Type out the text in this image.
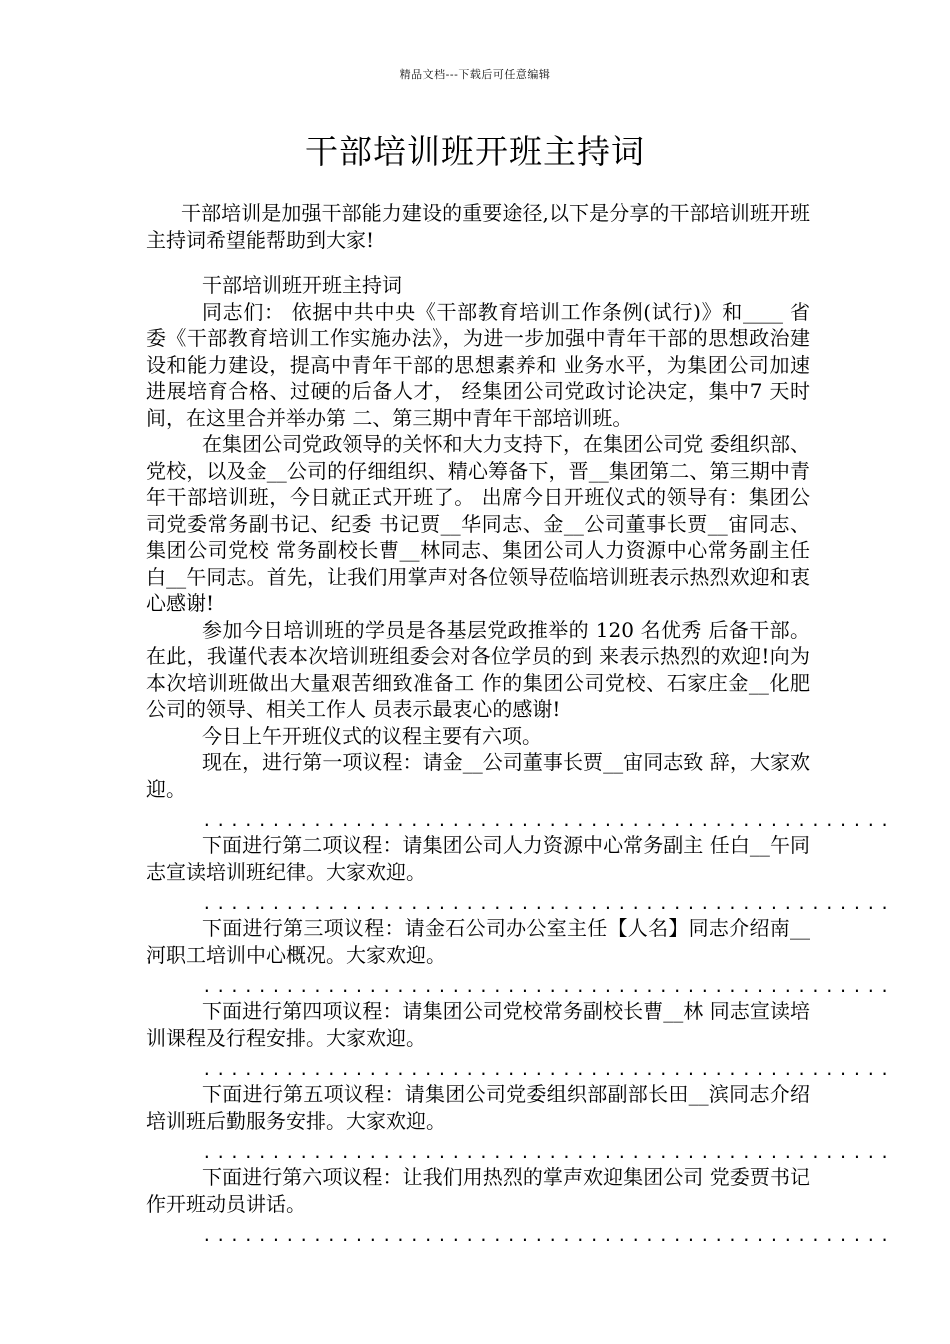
精品文档---下载后可任意编辑
干部培训班开班主持词

干部培训是加强干部能力建设的重要途径,以下是分享的干部培训班开班主持词希望能帮助到大家!

干部培训班开班主持词

同志们： 依据中共中央《干部教育培训工作条例(试行)》和____ 省委《干部教育培训工作实施办法》，为进一步加强中青年干部的思想政治建设和能力建设，提高中青年干部的思想素养和 业务水平，为集团公司加速进展培育合格、过硬的后备人才， 经集团公司党政讨论决定，集中7 天时间，在这里合并举办第 二、第三期中青年干部培训班。

在集团公司党政领导的关怀和大力支持下，在集团公司党 委组织部、党校，以及金__公司的仔细组织、精心筹备下，晋__集团第二、第三期中青年干部培训班，今日就正式开班了。 出席今日开班仪式的领导有：集团公司党委常务副书记、纪委 书记贾__华同志、金__公司董事长贾__宙同志、集团公司党校 常务副校长曹__林同志、集团公司人力资源中心常务副主任白__午同志。首先，让我们用掌声对各位领导莅临培训班表示热烈欢迎和衷心感谢!

参加今日培训班的学员是各基层党政推举的 120 名优秀 后备干部。在此，我谨代表本次培训班组委会对各位学员的到 来表示热烈的欢迎!向为本次培训班做出大量艰苦细致准备工 作的集团公司党校、石家庄金__化肥公司的领导、相关工作人 员表示最衷心的感谢!

今日上午开班仪式的议程主要有六项。

现在，进行第一项议程：请金__公司董事长贾__宙同志致 辞，大家欢迎。

..................................................

下面进行第二项议程：请集团公司人力资源中心常务副主 任白__午同志宣读培训班纪律。大家欢迎。

..................................................

下面进行第三项议程：请金石公司办公室主任【人名】同志介绍南__河职工培训中心概况。大家欢迎。

..................................................

下面进行第四项议程：请集团公司党校常务副校长曹__林 同志宣读培训课程及行程安排。大家欢迎。

..................................................

下面进行第五项议程：请集团公司党委组织部副部长田__滨同志介绍培训班后勤服务安排。大家欢迎。

..................................................

下面进行第六项议程：让我们用热烈的掌声欢迎集团公司 党委贾书记作开班动员讲话。

..................................................
